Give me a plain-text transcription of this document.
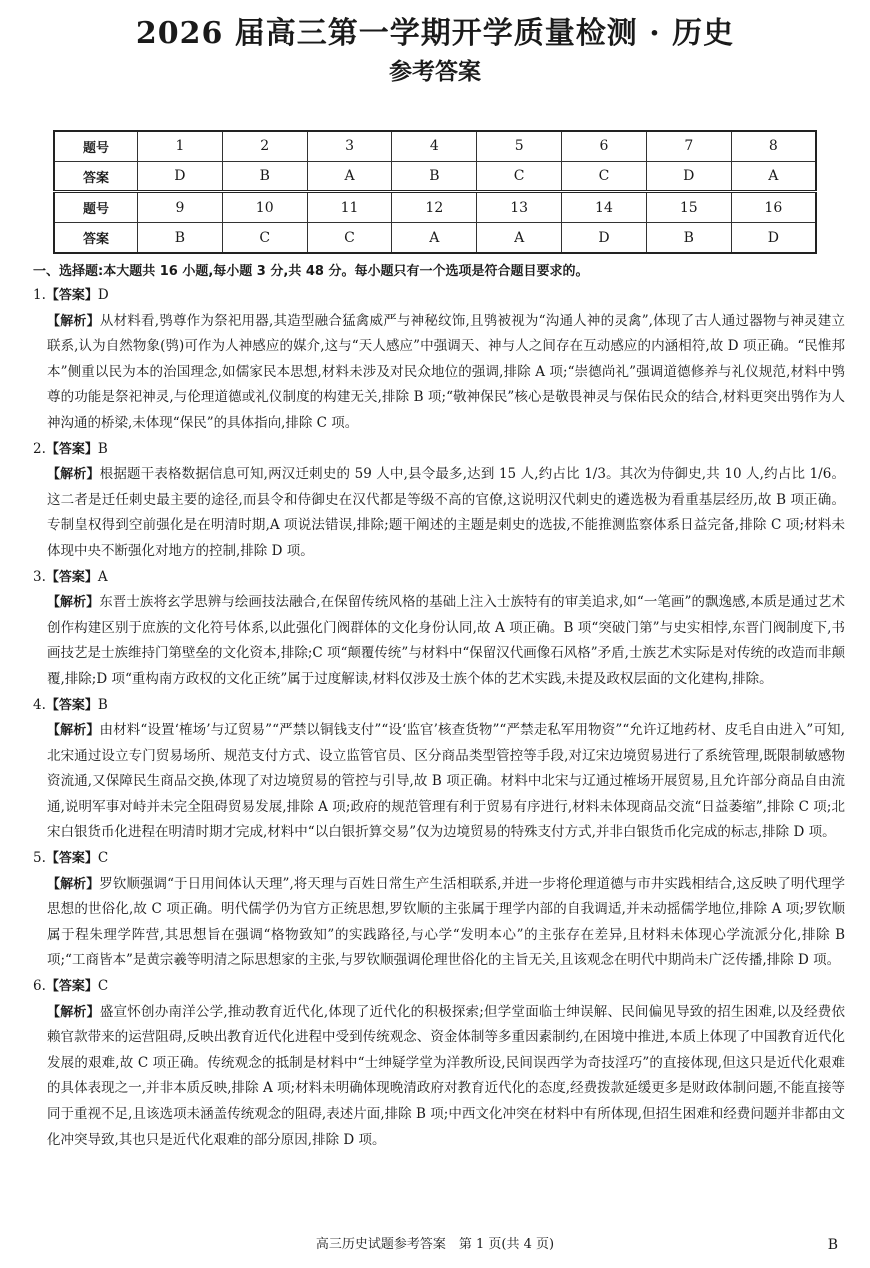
2026 届高三第一学期开学质量检测 · 历史
参考答案
题号	1	2	3	4	5	6	7	8
答案	D	B	A	B	C	C	D	A
题号	9	10	11	12	13	14	15	16
答案	B	C	C	A	A	D	B	D
一、选择题:本大题共 16 小题,每小题 3 分,共 48 分。每小题只有一个选项是符合题目要求的。

1.【答案】D

【解析】从材料看,鸮尊作为祭祀用器,其造型融合猛禽威严与神秘纹饰,且鸮被视为“沟通人神的灵禽”,体现了古人通过器物与神灵建立联系,认为自然物象(鸮)可作为人神感应的媒介,这与“天人感应”中强调天、神与人之间存在互动感应的内涵相符,故 D 项正确。“民惟邦本”侧重以民为本的治国理念,如儒家民本思想,材料未涉及对民众地位的强调,排除 A 项;“崇德尚礼”强调道德修养与礼仪规范,材料中鸮尊的功能是祭祀神灵,与伦理道德或礼仪制度的构建无关,排除 B 项;“敬神保民”核心是敬畏神灵与保佑民众的结合,材料更突出鸮作为人神沟通的桥梁,未体现“保民”的具体指向,排除 C 项。

2.【答案】B

【解析】根据题干表格数据信息可知,两汉迁刺史的 59 人中,县令最多,达到 15 人,约占比 1/3。其次为侍御史,共 10 人,约占比 1/6。这二者是迁任刺史最主要的途径,而县令和侍御史在汉代都是等级不高的官僚,这说明汉代刺史的遴选极为看重基层经历,故 B 项正确。专制皇权得到空前强化是在明清时期,A 项说法错误,排除;题干阐述的主题是刺史的选拔,不能推测监察体系日益完备,排除 C 项;材料未体现中央不断强化对地方的控制,排除 D 项。

3.【答案】A

【解析】东晋士族将玄学思辨与绘画技法融合,在保留传统风格的基础上注入士族特有的审美追求,如“一笔画”的飘逸感,本质是通过艺术创作构建区别于庶族的文化符号体系,以此强化门阀群体的文化身份认同,故 A 项正确。B 项“突破门第”与史实相悖,东晋门阀制度下,书画技艺是士族维持门第壁垒的文化资本,排除;C 项“颠覆传统”与材料中“保留汉代画像石风格”矛盾,士族艺术实际是对传统的改造而非颠覆,排除;D 项“重构南方政权的文化正统”属于过度解读,材料仅涉及士族个体的艺术实践,未提及政权层面的文化建构,排除。

4.【答案】B

【解析】由材料“设置‘榷场’与辽贸易”“严禁以铜钱支付”“设‘监官’核查货物”“严禁走私军用物资”“允许辽地药材、皮毛自由进入”可知,北宋通过设立专门贸易场所、规范支付方式、设立监管官员、区分商品类型管控等手段,对辽宋边境贸易进行了系统管理,既限制敏感物资流通,又保障民生商品交换,体现了对边境贸易的管控与引导,故 B 项正确。材料中北宋与辽通过榷场开展贸易,且允许部分商品自由流通,说明军事对峙并未完全阻碍贸易发展,排除 A 项;政府的规范管理有利于贸易有序进行,材料未体现商品交流“日益萎缩”,排除 C 项;北宋白银货币化进程在明清时期才完成,材料中“以白银折算交易”仅为边境贸易的特殊支付方式,并非白银货币化完成的标志,排除 D 项。

5.【答案】C

【解析】罗钦顺强调“于日用间体认天理”,将天理与百姓日常生产生活相联系,并进一步将伦理道德与市井实践相结合,这反映了明代理学思想的世俗化,故 C 项正确。明代儒学仍为官方正统思想,罗钦顺的主张属于理学内部的自我调适,并未动摇儒学地位,排除 A 项;罗钦顺属于程朱理学阵营,其思想旨在强调“格物致知”的实践路径,与心学“发明本心”的主张存在差异,且材料未体现心学流派分化,排除 B 项;“工商皆本”是黄宗羲等明清之际思想家的主张,与罗钦顺强调伦理世俗化的主旨无关,且该观念在明代中期尚未广泛传播,排除 D 项。

6.【答案】C

【解析】盛宣怀创办南洋公学,推动教育近代化,体现了近代化的积极探索;但学堂面临士绅误解、民间偏见导致的招生困难,以及经费依赖官款带来的运营阻碍,反映出教育近代化进程中受到传统观念、资金体制等多重因素制约,在困境中推进,本质上体现了中国教育近代化发展的艰难,故 C 项正确。传统观念的抵制是材料中“士绅疑学堂为洋教所设,民间误西学为奇技淫巧”的直接体现,但这只是近代化艰难的具体表现之一,并非本质反映,排除 A 项;材料未明确体现晚清政府对教育近代化的态度,经费拨款延缓更多是财政体制问题,不能直接等同于重视不足,且该选项未涵盖传统观念的阻碍,表述片面,排除 B 项;中西文化冲突在材料中有所体现,但招生困难和经费问题并非都由文化冲突导致,其也只是近代化艰难的部分原因,排除 D 项。

高三历史试题参考答案　第 1 页(共 4 页)	B
